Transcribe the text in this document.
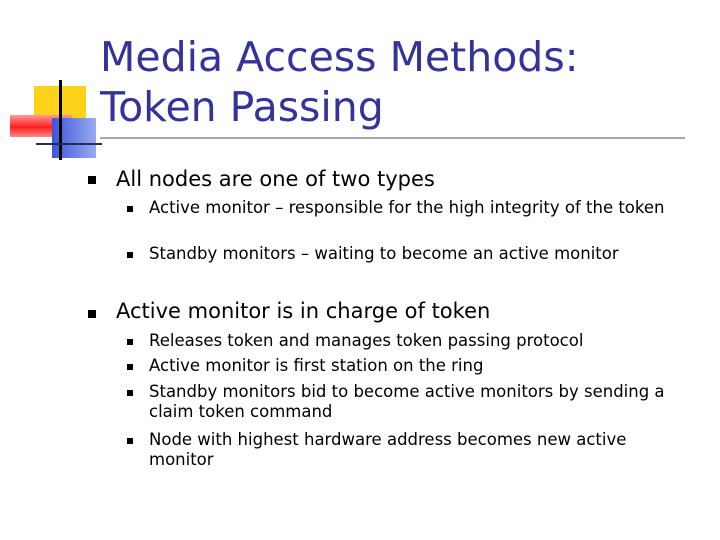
Media Access Methods: Token Passing
All nodes are one of two types
Active monitor – responsible for the high integrity of the token
Standby monitors – waiting to become an active monitor
Active monitor is in charge of token
Releases token and manages token passing protocol
Active monitor is first station on the ring
Standby monitors bid to become active monitors by sending a claim token command
Node with highest hardware address becomes new active monitor
